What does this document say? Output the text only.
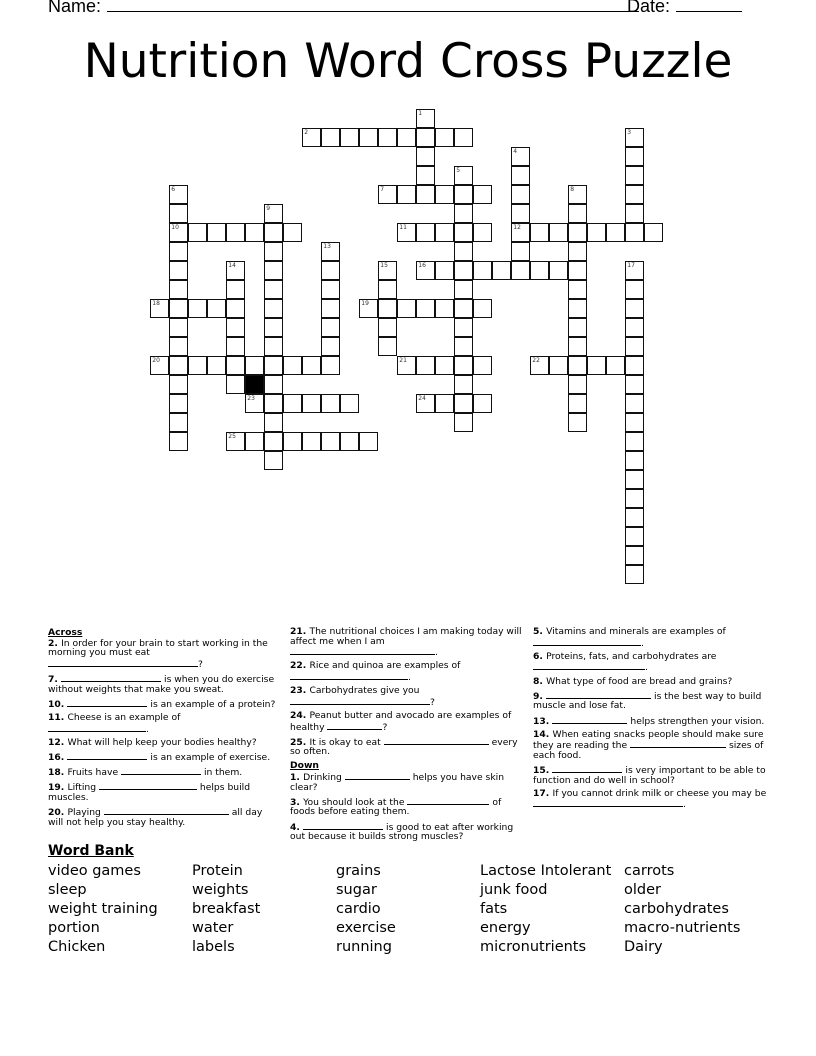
Name:	Date:
Nutrition Word Cross Puzzle
1
2	3
4
12
5
6
10
7	8
9
11
13
14	15	16	17
18	19
20	21	22
23	24
25
Across
2. In order for your brain to start working in the morning you must eat ?
7.	is when you do exercise without weights that make you sweat.
10.	is an example of a protein?
11. Cheese is an example of .
12. What will help keep your bodies healthy?
16.	is an example of exercise.
18. Fruits have	in them.
19. Lifting	helps build muscles.
20. Playing	all day will not help you stay healthy.
21. The nutritional choices I am making today will affect me when I am .
22. Rice and quinoa are examples of .
23. Carbohydrates give you ?
24. Peanut butter and avocado are examples of healthy	?
25. It is okay to eat	every so often.
Down
1. Drinking	helps you have skin clear?
3. You should look at the	of foods before eating them.
4.	is good to eat after working out because it builds strong muscles?
5. Vitamins and minerals are examples of .
6. Proteins, fats, and carbohydrates are .
8. What type of food are bread and grains?
9.	is the best way to build muscle and lose fat.
13.	helps strengthen your vision.
14. When eating snacks people should make sure they are reading the	sizes of each food.
15.	is very important to be able to function and do well in school?
17. If you cannot drink milk or cheese you may be .
Word Bank
video games
sleep
weight training
portion
Chicken
Protein
weights
breakfast
water
labels
grains
sugar
cardio
exercise
running
Lactose Intolerant
junk food
fats
energy
micronutrients
carrots
older
carbohydrates
macro-nutrients
Dairy
